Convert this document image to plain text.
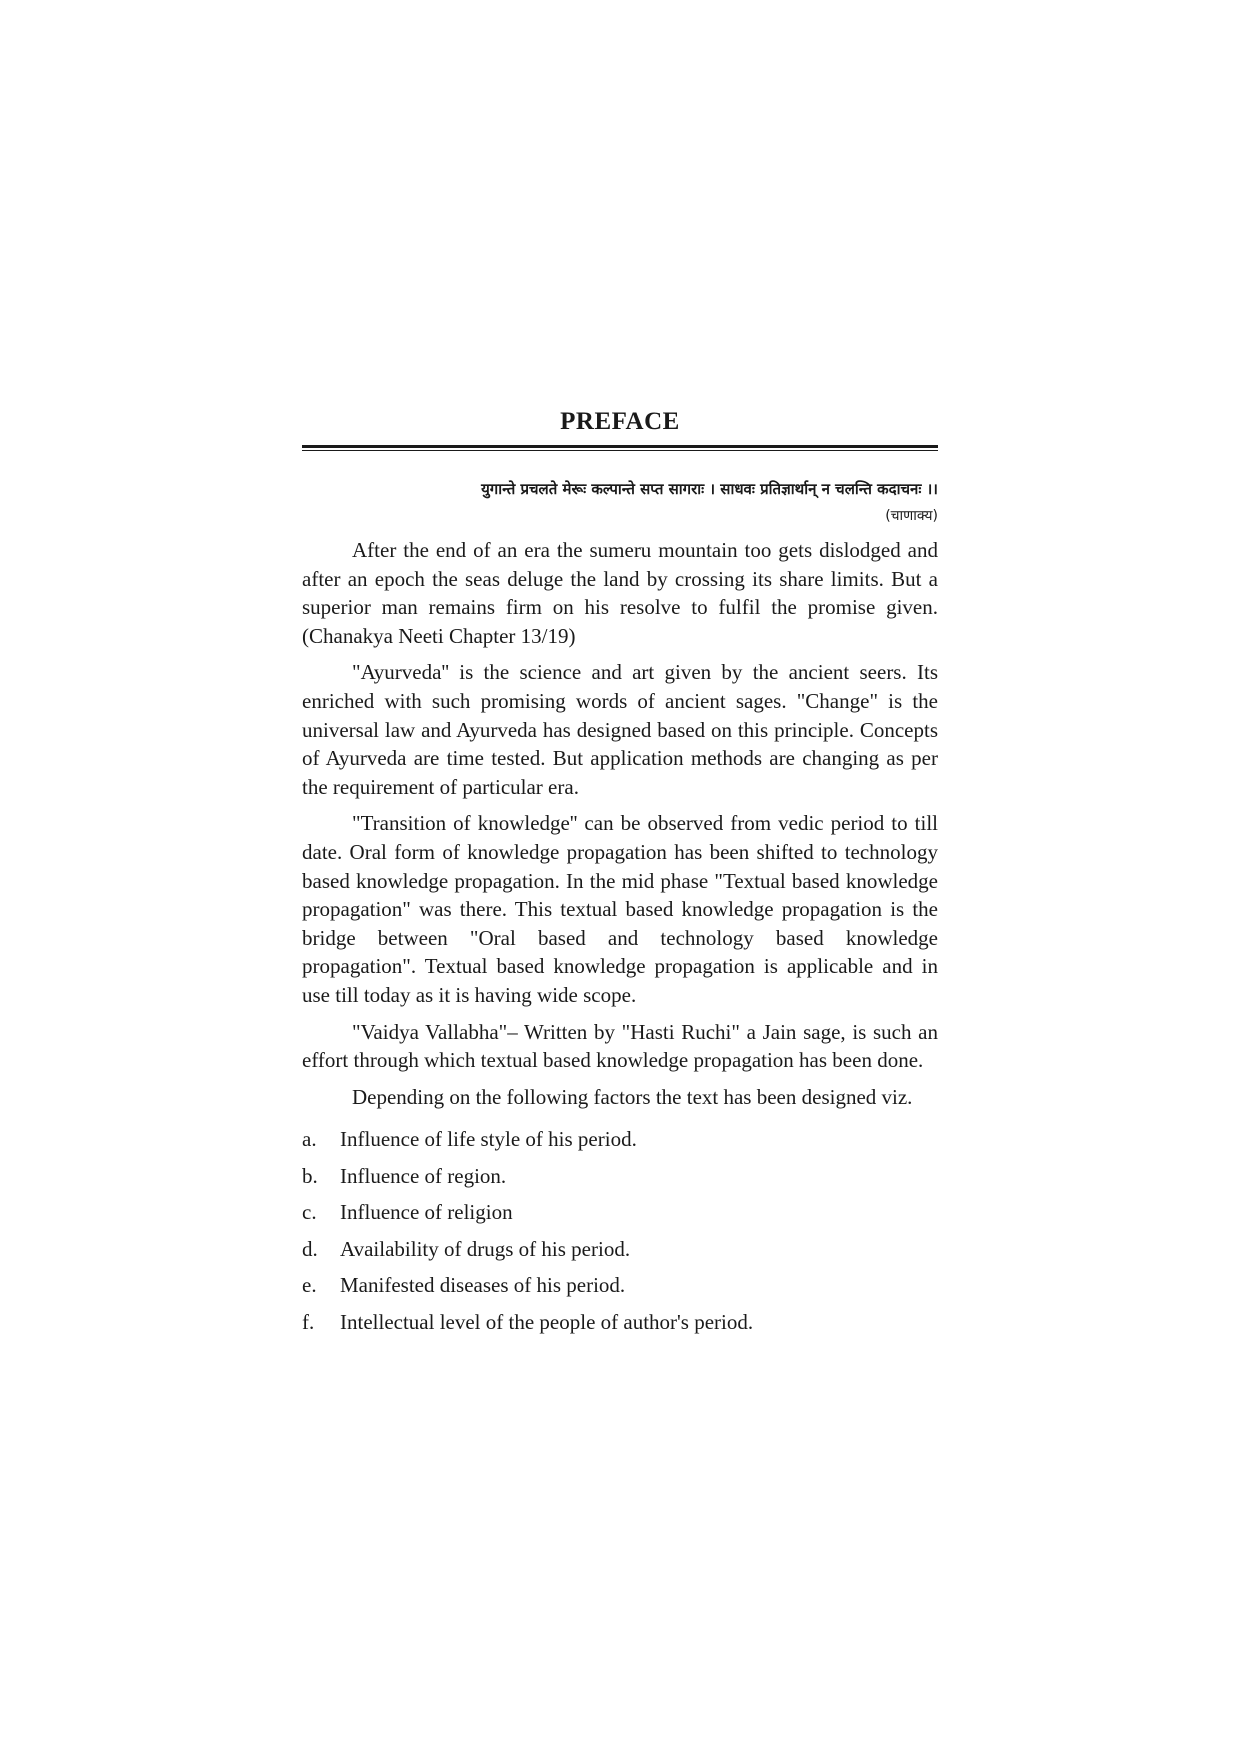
PREFACE
युगान्ते प्रचलते मेरूः कल्पान्ते सप्त सागराः । साधवः प्रतिज्ञार्थान् न चलन्ति कदाचनः ।।
(चाणाक्य)

After the end of an era the sumeru mountain too gets dislodged and after an epoch the seas deluge the land by crossing its share limits. But a superior man remains firm on his resolve to fulfil the promise given. (Chanakya Neeti Chapter 13/19)

"Ayurveda'' is the science and art given by the ancient seers. Its enriched with such promising words of ancient sages. "Change" is the universal law and Ayurveda has designed based on this principle. Concepts of Ayurveda are time tested. But application methods are changing as per the requirement of particular era.

"Transition of knowledge'' can be observed from vedic period to till date. Oral form of knowledge propagation has been shifted to technology based knowledge propagation. In the mid phase "Textual based knowledge propagation" was there. This textual based knowledge propagation is the bridge between "Oral based and technology based knowledge propagation". Textual based knowledge propagation is applicable and in use till today as it is having wide scope.

"Vaidya Vallabha"– Written by "Hasti Ruchi" a Jain sage, is such an effort through which textual based knowledge propagation has been done.

Depending on the following factors the text has been designed viz.

a.	Influence of life style of his period.
b.	Influence of region.
c.	Influence of religion
d.	Availability of drugs of his period.
e.	Manifested diseases of his period.
f.	Intellectual level of the people of author's period.
